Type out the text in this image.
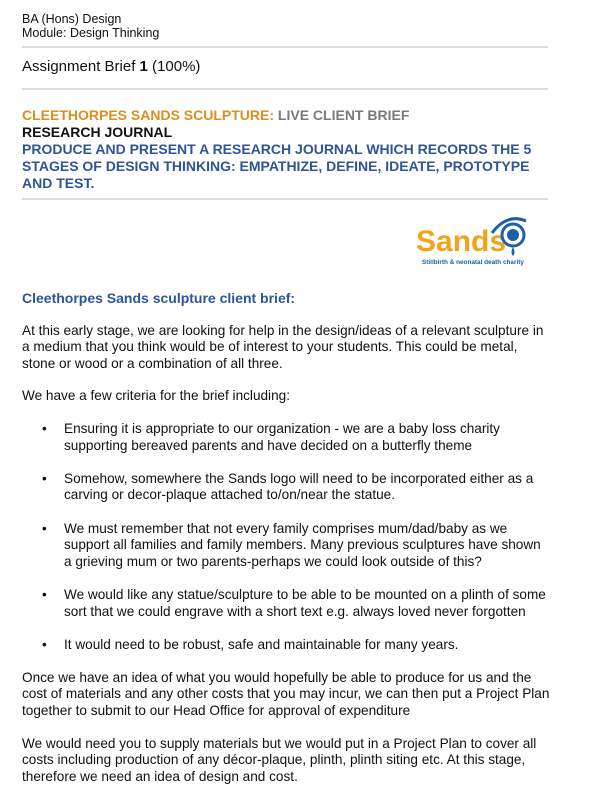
BA (Hons) Design
Module: Design Thinking
Assignment Brief 1 (100%)
CLEETHORPES SANDS SCULPTURE: LIVE CLIENT BRIEF
RESEARCH JOURNAL
PRODUCE AND PRESENT A RESEARCH JOURNAL WHICH RECORDS THE 5 STAGES OF DESIGN THINKING: EMPATHIZE, DEFINE, IDEATE, PROTOTYPE AND TEST.
Sands
Stillbirth & neonatal death charity
Cleethorpes Sands sculpture client brief:

At this early stage, we are looking for help in the design/ideas of a relevant sculpture in a medium that you think would be of interest to your students. This could be metal, stone or wood or a combination of all three.

We have a few criteria for the brief including:

• Ensuring it is appropriate to our organization - we are a baby loss charity supporting bereaved parents and have decided on a butterfly theme
• Somehow, somewhere the Sands logo will need to be incorporated either as a carving or decor-plaque attached to/on/near the statue.
• We must remember that not every family comprises mum/dad/baby as we support all families and family members. Many previous sculptures have shown a grieving mum or two parents-perhaps we could look outside of this?
• We would like any statue/sculpture to be able to be mounted on a plinth of some sort that we could engrave with a short text e.g. always loved never forgotten
• It would need to be robust, safe and maintainable for many years.

Once we have an idea of what you would hopefully be able to produce for us and the cost of materials and any other costs that you may incur, we can then put a Project Plan together to submit to our Head Office for approval of expenditure

We would need you to supply materials but we would put in a Project Plan to cover all costs including production of any décor-plaque, plinth, plinth siting etc. At this stage, therefore we need an idea of design and cost.
